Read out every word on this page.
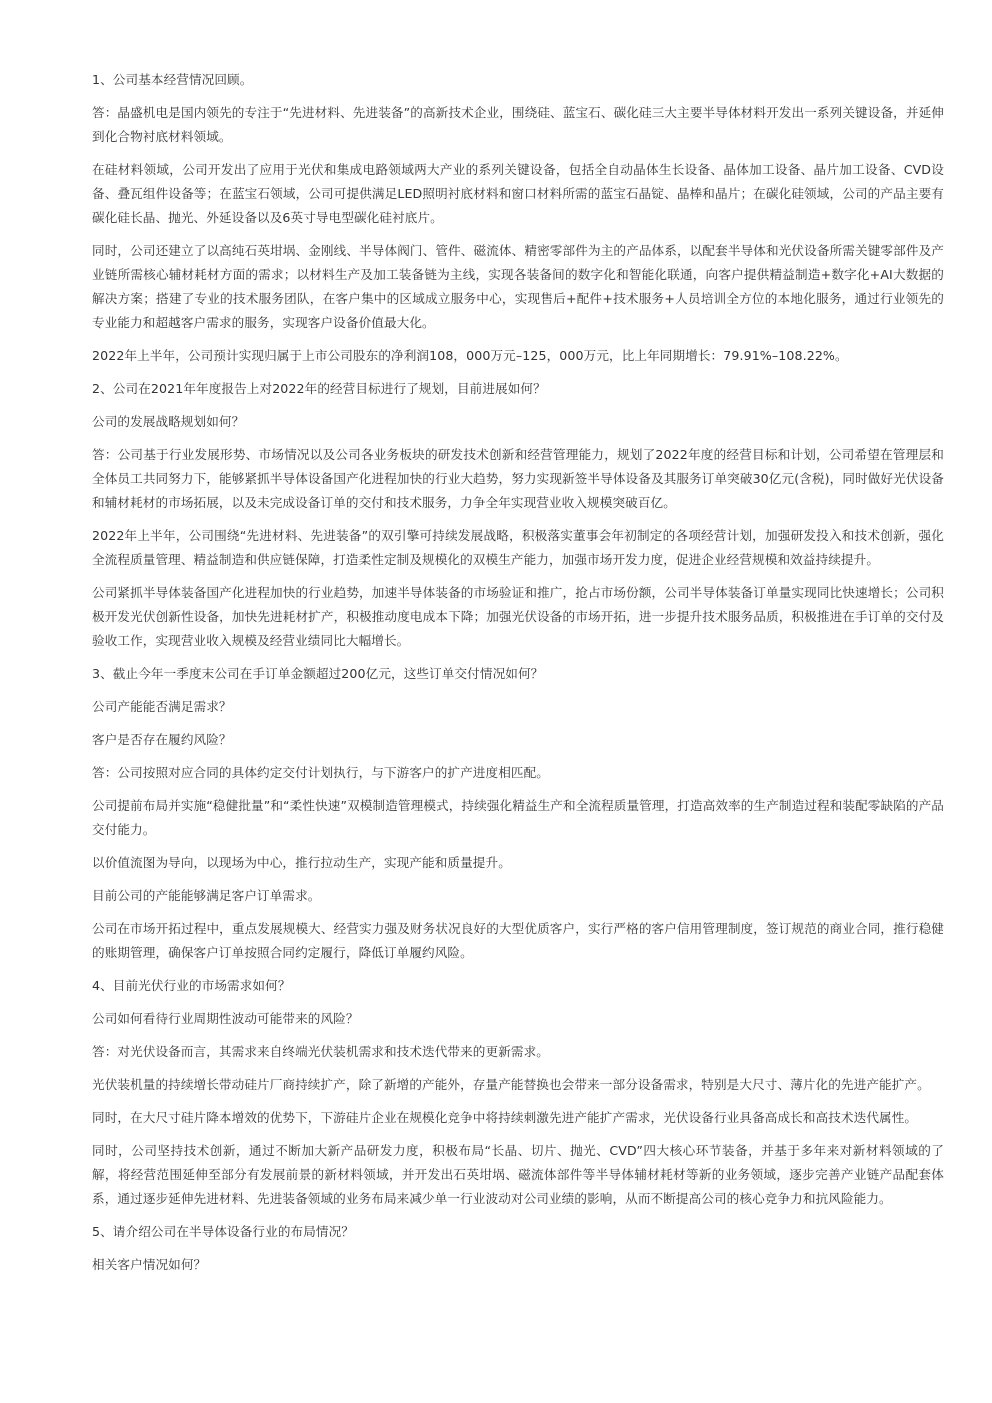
1、公司基本经营情况回顾。

答：晶盛机电是国内领先的专注于“先进材料、先进装备”的高新技术企业，围绕硅、蓝宝石、碳化硅三大主要半导体材料开发出一系列关键设备，并延伸到化合物衬底材料领域。

在硅材料领域，公司开发出了应用于光伏和集成电路领域两大产业的系列关键设备，包括全自动晶体生长设备、晶体加工设备、晶片加工设备、CVD设备、叠瓦组件设备等；在蓝宝石领域，公司可提供满足LED照明衬底材料和窗口材料所需的蓝宝石晶锭、晶棒和晶片；在碳化硅领域，公司的产品主要有碳化硅长晶、抛光、外延设备以及6英寸导电型碳化硅衬底片。

同时，公司还建立了以高纯石英坩埚、金刚线、半导体阀门、管件、磁流体、精密零部件为主的产品体系，以配套半导体和光伏设备所需关键零部件及产业链所需核心辅材耗材方面的需求；以材料生产及加工装备链为主线，实现各装备间的数字化和智能化联通，向客户提供精益制造+数字化+AI大数据的解决方案；搭建了专业的技术服务团队，在客户集中的区域成立服务中心，实现售后+配件+技术服务+人员培训全方位的本地化服务，通过行业领先的专业能力和超越客户需求的服务，实现客户设备价值最大化。

2022年上半年，公司预计实现归属于上市公司股东的净利润108，000万元–125，000万元，比上年同期增长：79.91%–108.22%。

2、公司在2021年年度报告上对2022年的经营目标进行了规划，目前进展如何？

公司的发展战略规划如何？

答：公司基于行业发展形势、市场情况以及公司各业务板块的研发技术创新和经营管理能力，规划了2022年度的经营目标和计划，公司希望在管理层和全体员工共同努力下，能够紧抓半导体设备国产化进程加快的行业大趋势，努力实现新签半导体设备及其服务订单突破30亿元(含税)，同时做好光伏设备和辅材耗材的市场拓展，以及未完成设备订单的交付和技术服务，力争全年实现营业收入规模突破百亿。

2022年上半年，公司围绕“先进材料、先进装备”的双引擎可持续发展战略，积极落实董事会年初制定的各项经营计划，加强研发投入和技术创新，强化全流程质量管理、精益制造和供应链保障，打造柔性定制及规模化的双模生产能力，加强市场开发力度，促进企业经营规模和效益持续提升。

公司紧抓半导体装备国产化进程加快的行业趋势，加速半导体装备的市场验证和推广，抢占市场份额，公司半导体装备订单量实现同比快速增长；公司积极开发光伏创新性设备，加快先进耗材扩产，积极推动度电成本下降；加强光伏设备的市场开拓，进一步提升技术服务品质，积极推进在手订单的交付及验收工作，实现营业收入规模及经营业绩同比大幅增长。

3、截止今年一季度末公司在手订单金额超过200亿元，这些订单交付情况如何？

公司产能能否满足需求？

客户是否存在履约风险？

答：公司按照对应合同的具体约定交付计划执行，与下游客户的扩产进度相匹配。

公司提前布局并实施“稳健批量”和“柔性快速”双模制造管理模式，持续强化精益生产和全流程质量管理，打造高效率的生产制造过程和装配零缺陷的产品交付能力。

以价值流图为导向，以现场为中心，推行拉动生产，实现产能和质量提升。

目前公司的产能能够满足客户订单需求。

公司在市场开拓过程中，重点发展规模大、经营实力强及财务状况良好的大型优质客户，实行严格的客户信用管理制度，签订规范的商业合同，推行稳健的账期管理，确保客户订单按照合同约定履行，降低订单履约风险。

4、目前光伏行业的市场需求如何？

公司如何看待行业周期性波动可能带来的风险？

答：对光伏设备而言，其需求来自终端光伏装机需求和技术迭代带来的更新需求。

光伏装机量的持续增长带动硅片厂商持续扩产，除了新增的产能外，存量产能替换也会带来一部分设备需求，特别是大尺寸、薄片化的先进产能扩产。

同时，在大尺寸硅片降本增效的优势下，下游硅片企业在规模化竞争中将持续刺激先进产能扩产需求，光伏设备行业具备高成长和高技术迭代属性。

同时，公司坚持技术创新，通过不断加大新产品研发力度，积极布局“长晶、切片、抛光、CVD”四大核心环节装备，并基于多年来对新材料领域的了解，将经营范围延伸至部分有发展前景的新材料领域，并开发出石英坩埚、磁流体部件等半导体辅材耗材等新的业务领域，逐步完善产业链产品配套体系，通过逐步延伸先进材料、先进装备领域的业务布局来减少单一行业波动对公司业绩的影响，从而不断提高公司的核心竞争力和抗风险能力。

5、请介绍公司在半导体设备行业的布局情况？

相关客户情况如何？
